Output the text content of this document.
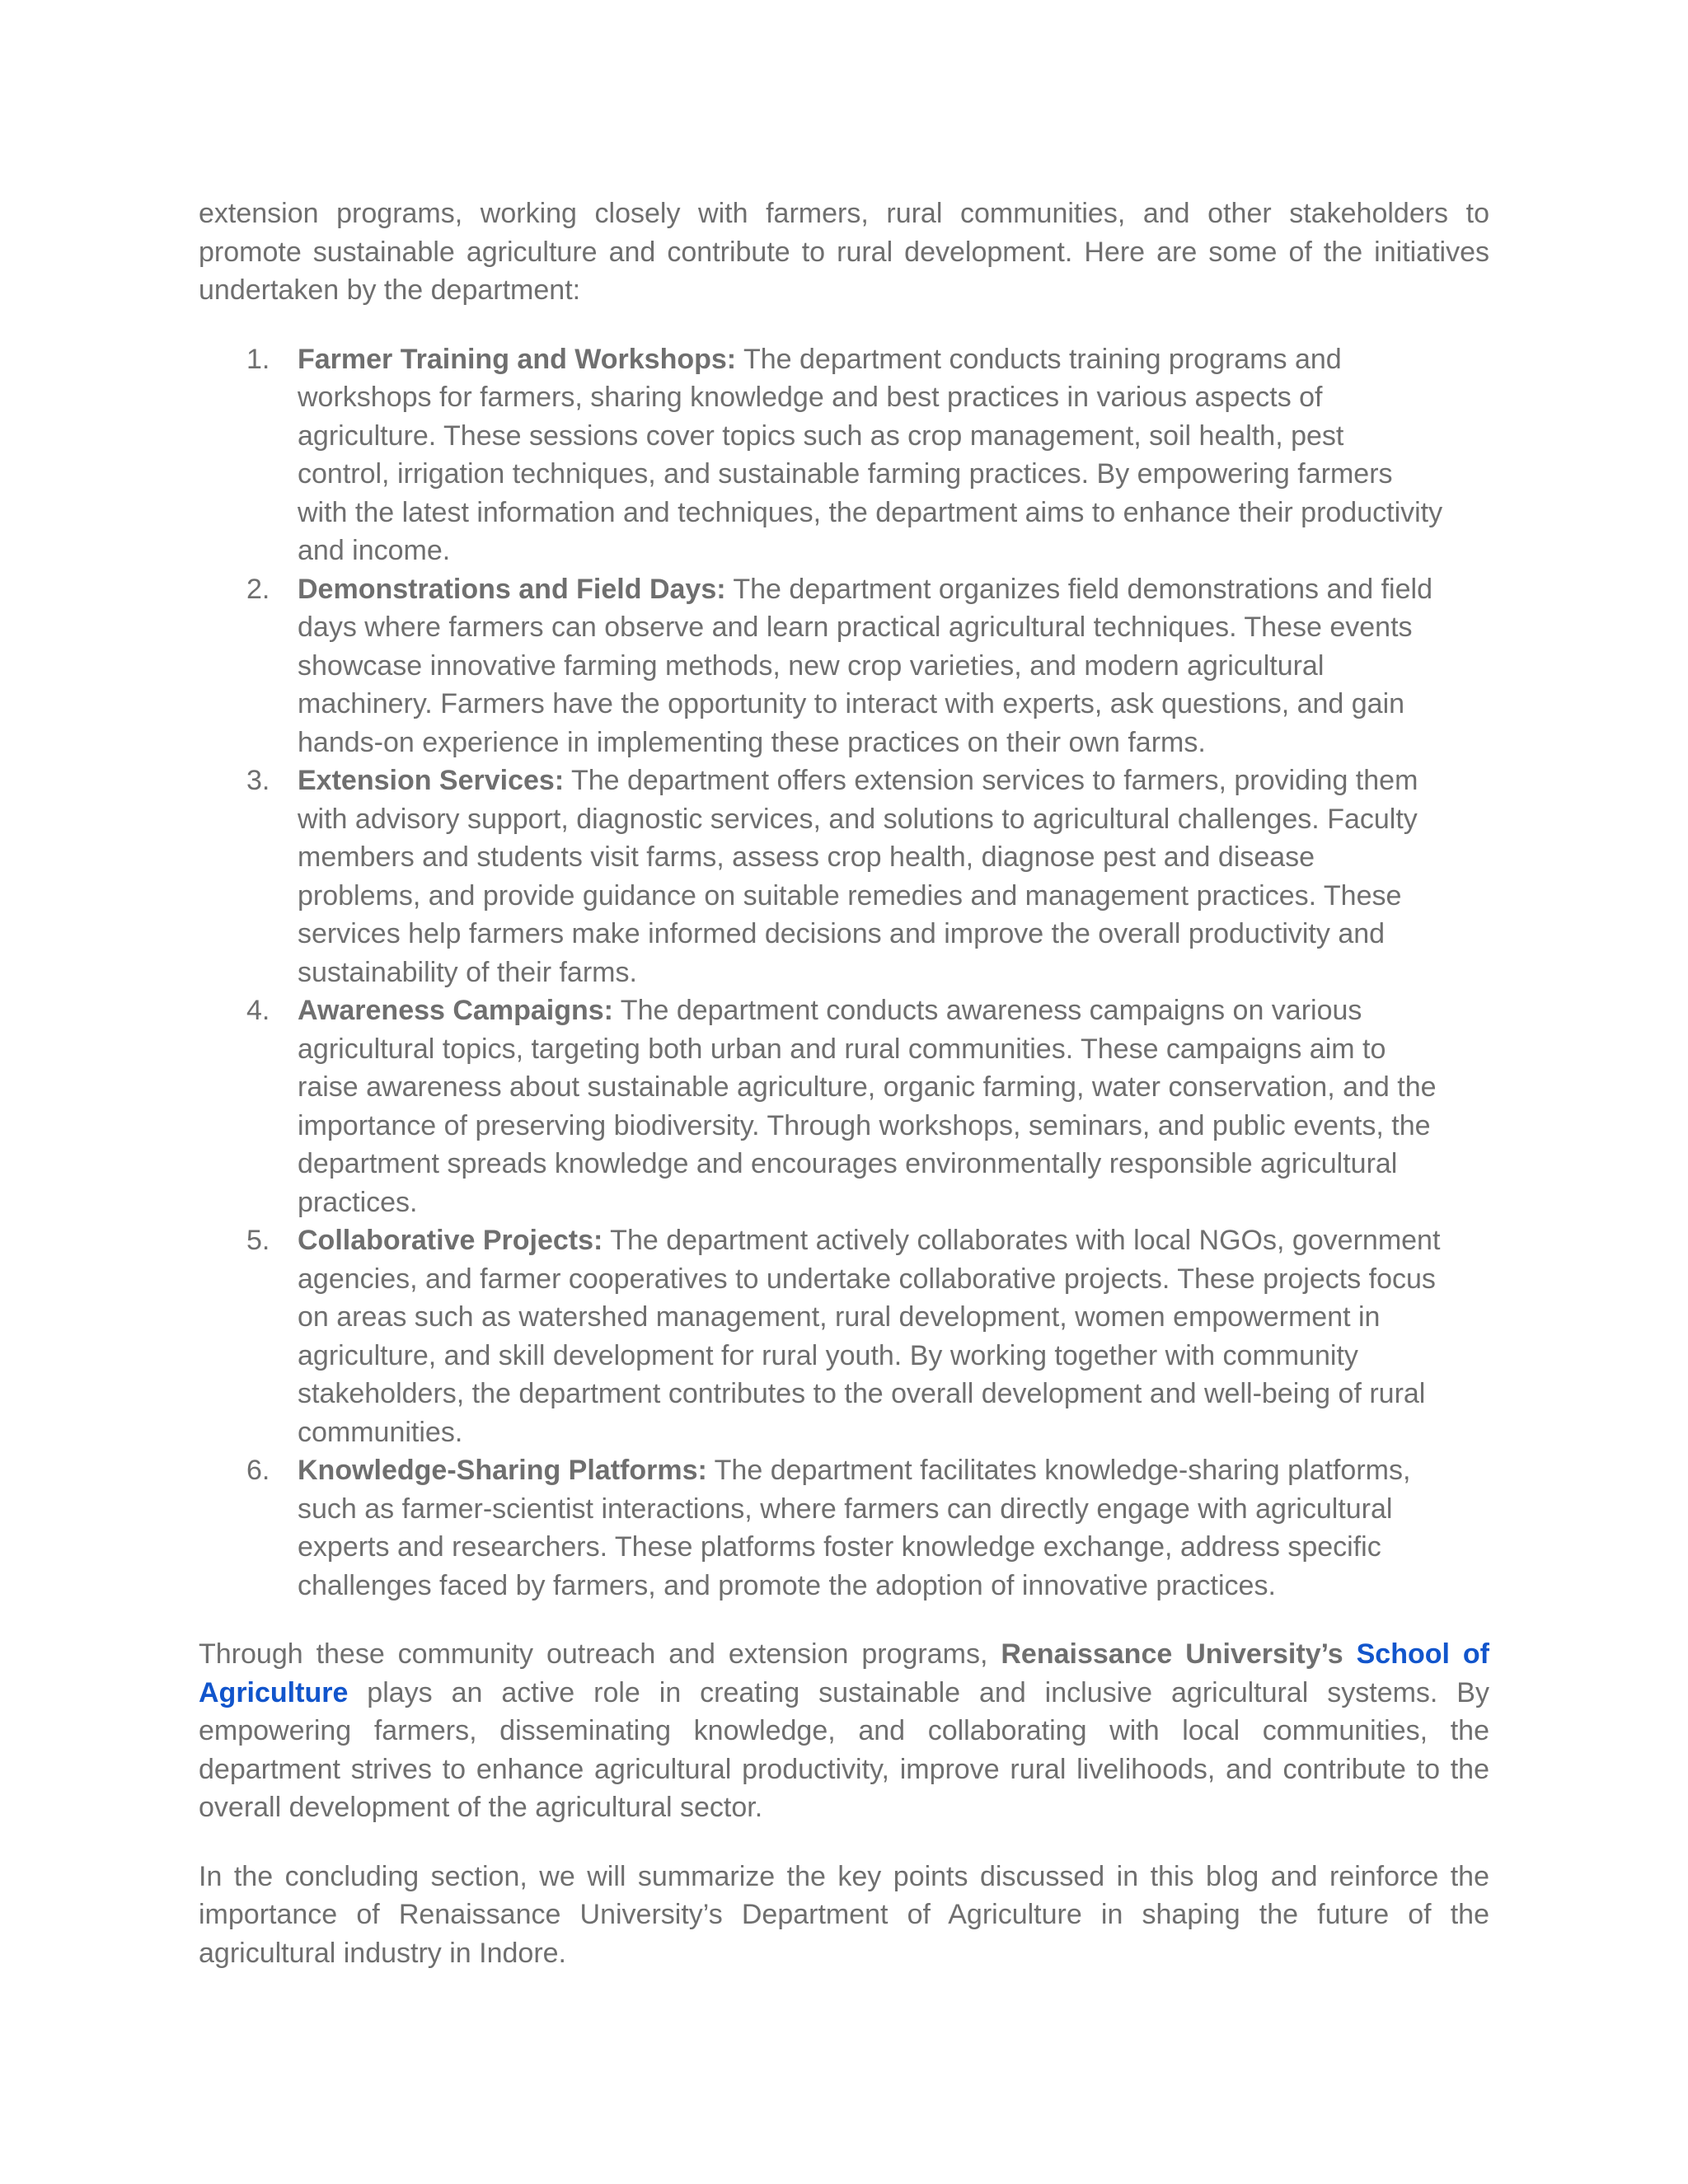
extension programs, working closely with farmers, rural communities, and other stakeholders to promote sustainable agriculture and contribute to rural development. Here are some of the initiatives undertaken by the department:

1. Farmer Training and Workshops: The department conducts training programs and workshops for farmers, sharing knowledge and best practices in various aspects of agriculture. These sessions cover topics such as crop management, soil health, pest control, irrigation techniques, and sustainable farming practices. By empowering farmers with the latest information and techniques, the department aims to enhance their productivity and income.
2. Demonstrations and Field Days: The department organizes field demonstrations and field days where farmers can observe and learn practical agricultural techniques. These events showcase innovative farming methods, new crop varieties, and modern agricultural machinery. Farmers have the opportunity to interact with experts, ask questions, and gain hands-on experience in implementing these practices on their own farms.
3. Extension Services: The department offers extension services to farmers, providing them with advisory support, diagnostic services, and solutions to agricultural challenges. Faculty members and students visit farms, assess crop health, diagnose pest and disease problems, and provide guidance on suitable remedies and management practices. These services help farmers make informed decisions and improve the overall productivity and sustainability of their farms.
4. Awareness Campaigns: The department conducts awareness campaigns on various agricultural topics, targeting both urban and rural communities. These campaigns aim to raise awareness about sustainable agriculture, organic farming, water conservation, and the importance of preserving biodiversity. Through workshops, seminars, and public events, the department spreads knowledge and encourages environmentally responsible agricultural practices.
5. Collaborative Projects: The department actively collaborates with local NGOs, government agencies, and farmer cooperatives to undertake collaborative projects. These projects focus on areas such as watershed management, rural development, women empowerment in agriculture, and skill development for rural youth. By working together with community stakeholders, the department contributes to the overall development and well-being of rural communities.
6. Knowledge-Sharing Platforms: The department facilitates knowledge-sharing platforms, such as farmer-scientist interactions, where farmers can directly engage with agricultural experts and researchers. These platforms foster knowledge exchange, address specific challenges faced by farmers, and promote the adoption of innovative practices.

Through these community outreach and extension programs, Renaissance University’s School of Agriculture plays an active role in creating sustainable and inclusive agricultural systems. By empowering farmers, disseminating knowledge, and collaborating with local communities, the department strives to enhance agricultural productivity, improve rural livelihoods, and contribute to the overall development of the agricultural sector.

In the concluding section, we will summarize the key points discussed in this blog and reinforce the importance of Renaissance University’s Department of Agriculture in shaping the future of the agricultural industry in Indore.
